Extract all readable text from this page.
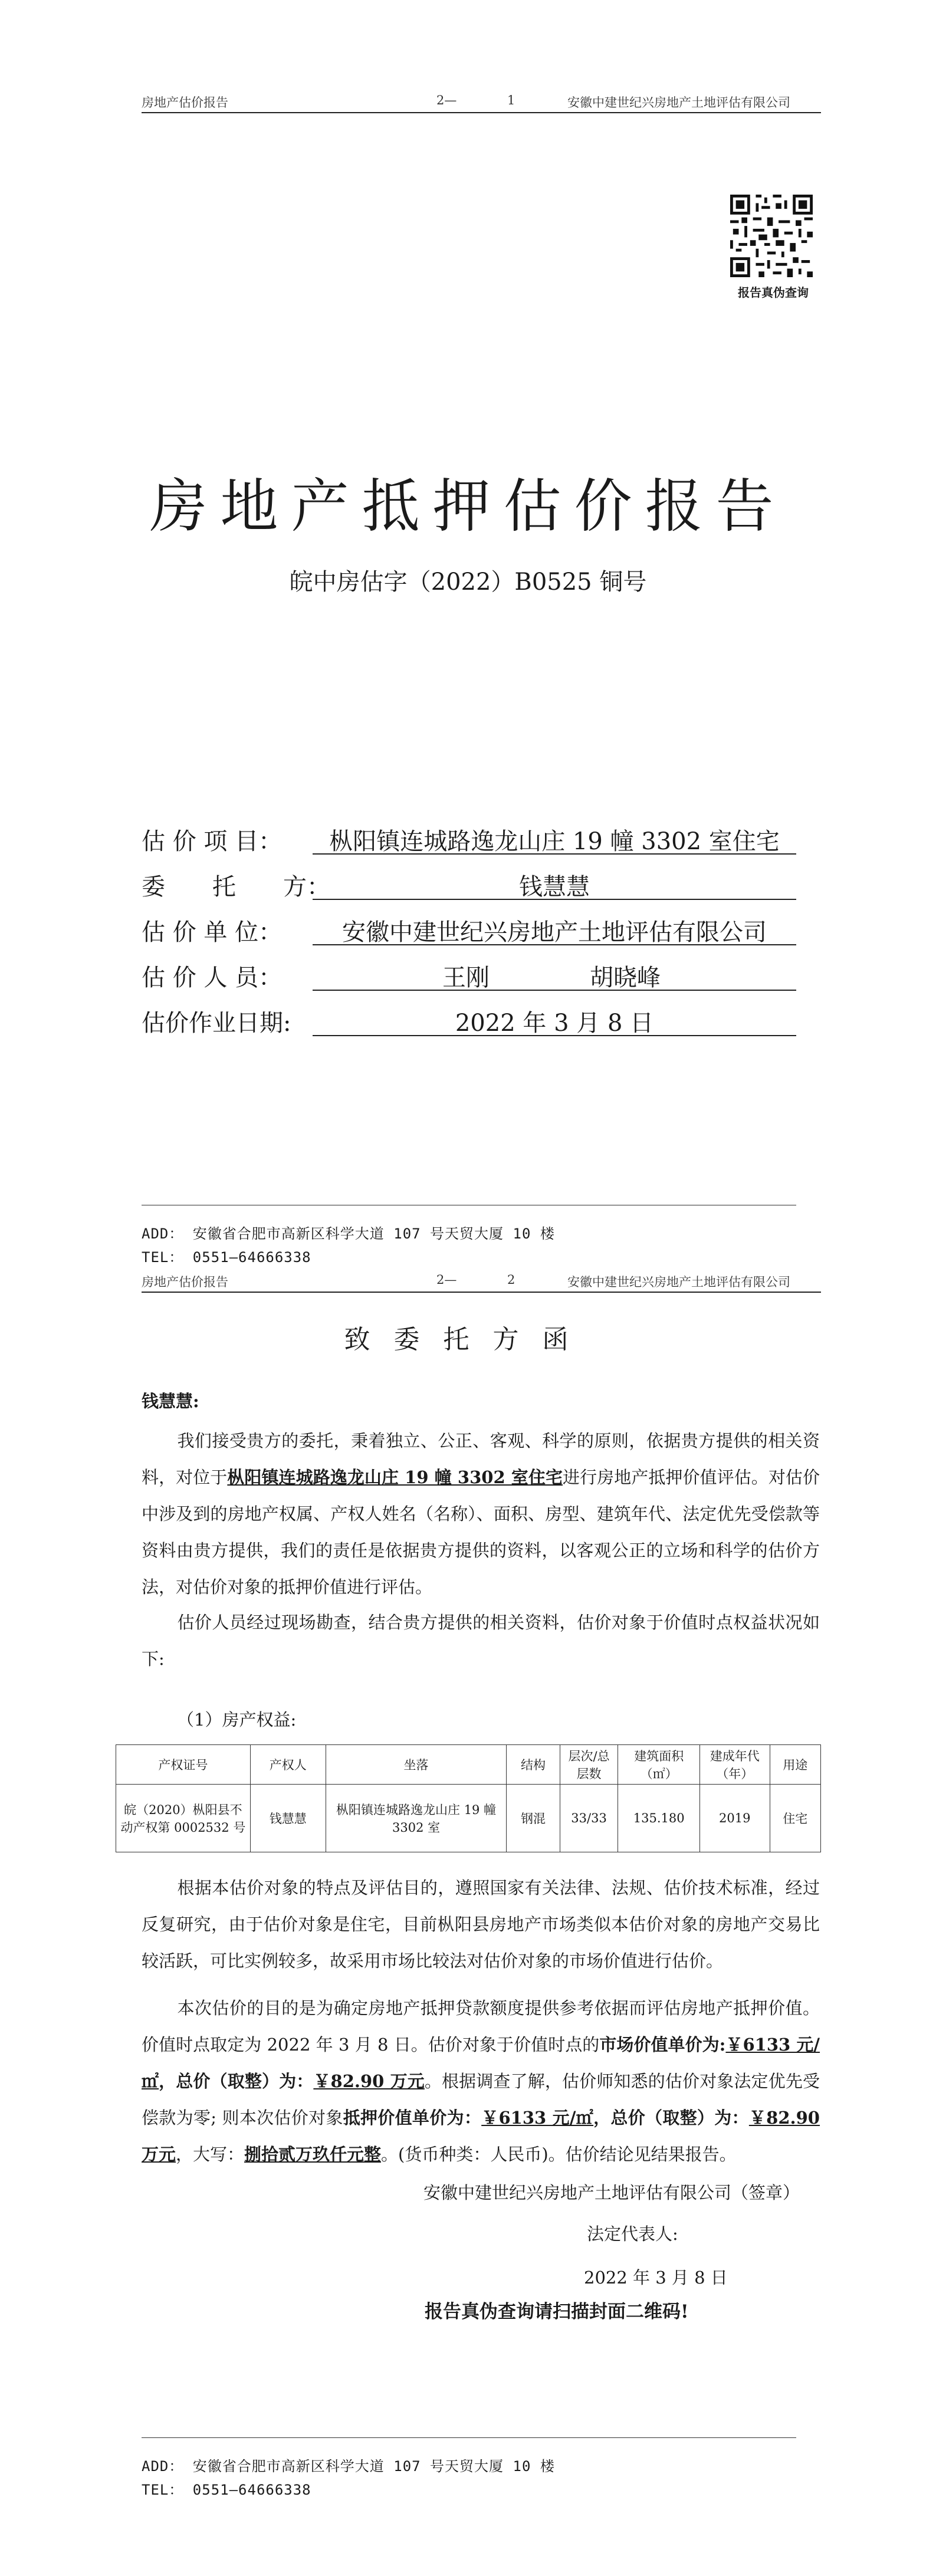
房地产估价报告	2—	1	安徽中建世纪兴房地产土地评估有限公司
报告真伪查询
房地产抵押估价报告
皖中房估字（2022）B0525 铜号
估 价 项 目：	枞阳镇连城路逸龙山庄 19 幢 3302 室住宅
委　　托　　方：	钱慧慧
估 价 单 位：	安徽中建世纪兴房地产土地评估有限公司
估 价 人 员：	王刚	胡晓峰
估价作业日期:	2022 年 3 月 8 日
ADD： 安徽省合肥市高新区科学大道 107 号天贸大厦 10 楼
TEL： 0551—64666338
房地产估价报告	2—	2	安徽中建世纪兴房地产土地评估有限公司
致委托方函
钱慧慧:
我们接受贵方的委托，秉着独立、公正、客观、科学的原则，依据贵方提供的相关资料，对位于枞阳镇连城路逸龙山庄 19 幢 3302 室住宅进行房地产抵押价值评估。对估价中涉及到的房地产权属、产权人姓名（名称）、面积、房型、建筑年代、法定优先受偿款等资料由贵方提供，我们的责任是依据贵方提供的资料，以客观公正的立场和科学的估价方法，对估价对象的抵押价值进行评估。
估价人员经过现场勘查，结合贵方提供的相关资料，估价对象于价值时点权益状况如下:
（1）房产权益:
产权证号	产权人	坐落	结构	层次/总层数	建筑面积（㎡）	建成年代（年）	用途
皖（2020）枞阳县不动产权第 0002532 号	钱慧慧	枞阳镇连城路逸龙山庄 19 幢 3302 室	钢混	33/33	135.180	2019	住宅
根据本估价对象的特点及评估目的，遵照国家有关法律、法规、估价技术标准，经过反复研究，由于估价对象是住宅，目前枞阳县房地产市场类似本估价对象的房地产交易比较活跃，可比实例较多，故采用市场比较法对估价对象的市场价值进行估价。
本次估价的目的是为确定房地产抵押贷款额度提供参考依据而评估房地产抵押价值。价值时点取定为 2022 年 3 月 8 日。估价对象于价值时点的市场价值单价为:￥6133 元/㎡，总价（取整）为：￥82.90 万元。根据调查了解，估价师知悉的估价对象法定优先受偿款为零; 则本次估价对象抵押价值单价为：￥6133 元/㎡，总价（取整）为：￥82.90 万元，大写：捌拾贰万玖仟元整。(货币种类：人民币)。估价结论见结果报告。
安徽中建世纪兴房地产土地评估有限公司（签章）
法定代表人:
2022 年 3 月 8 日
报告真伪查询请扫描封面二维码!
ADD： 安徽省合肥市高新区科学大道 107 号天贸大厦 10 楼
TEL： 0551—64666338
